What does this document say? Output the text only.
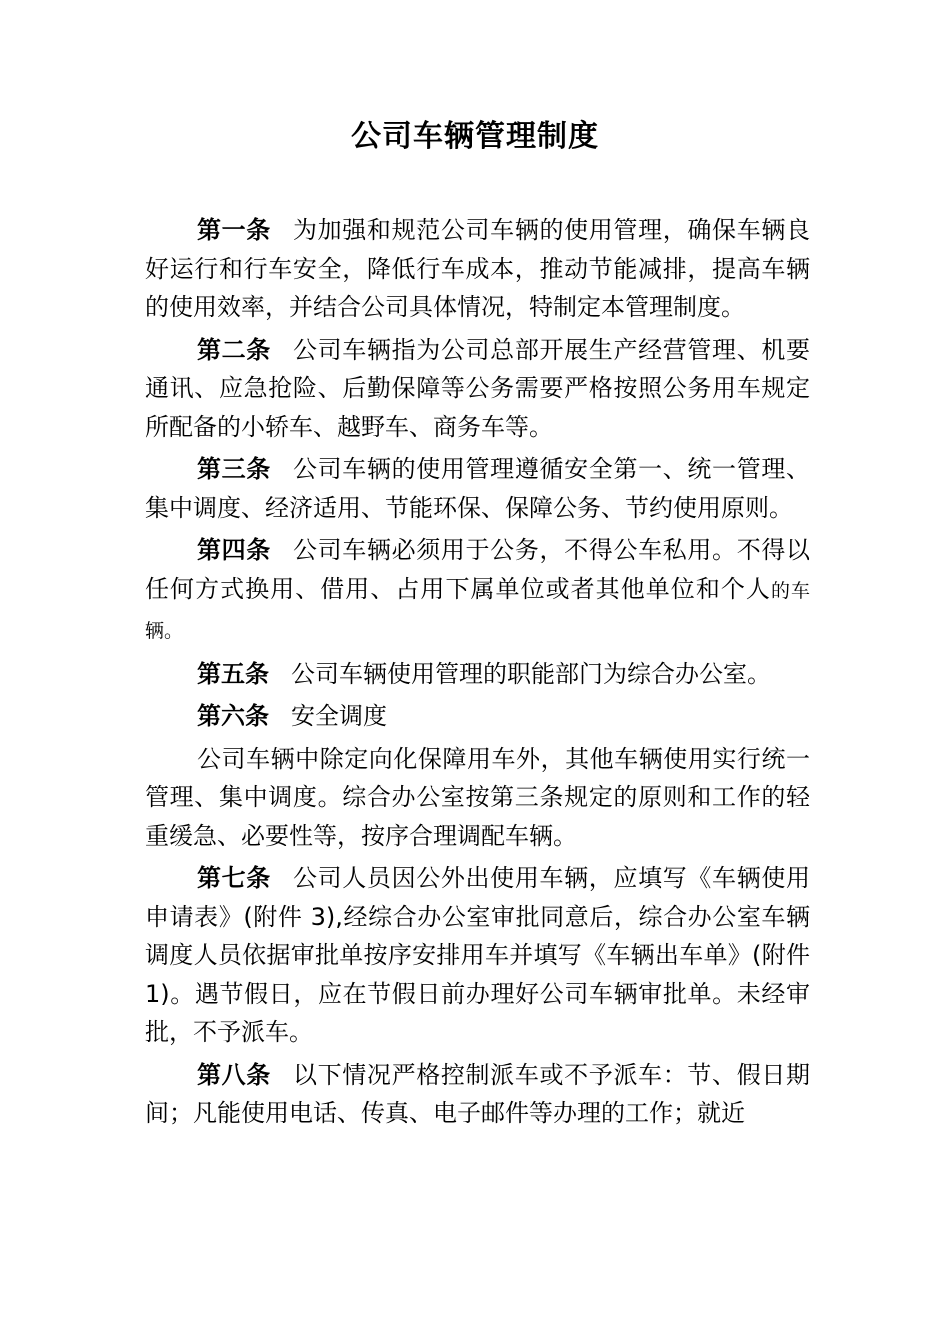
公司车辆管理制度

第一条 为加强和规范公司车辆的使用管理，确保车辆良好运行和行车安全，降低行车成本，推动节能减排，提高车辆的使用效率，并结合公司具体情况，特制定本管理制度。

第二条 公司车辆指为公司总部开展生产经营管理、机要通讯、应急抢险、后勤保障等公务需要严格按照公务用车规定所配备的小轿车、越野车、商务车等。

第三条 公司车辆的使用管理遵循安全第一、统一管理、集中调度、经济适用、节能环保、保障公务、节约使用原则。

第四条 公司车辆必须用于公务，不得公车私用。不得以任何方式换用、借用、占用下属单位或者其他单位和个人的车辆。

第五条 公司车辆使用管理的职能部门为综合办公室。

第六条 安全调度

公司车辆中除定向化保障用车外，其他车辆使用实行统一管理、集中调度。综合办公室按第三条规定的原则和工作的轻重缓急、必要性等，按序合理调配车辆。

第七条 公司人员因公外出使用车辆，应填写《车辆使用申请表》(附件 3),经综合办公室审批同意后，综合办公室车辆调度人员依据审批单按序安排用车并填写《车辆出车单》(附件 1)。遇节假日，应在节假日前办理好公司车辆审批单。未经审批，不予派车。

第八条 以下情况严格控制派车或不予派车：节、假日期间；凡能使用电话、传真、电子邮件等办理的工作；就近
